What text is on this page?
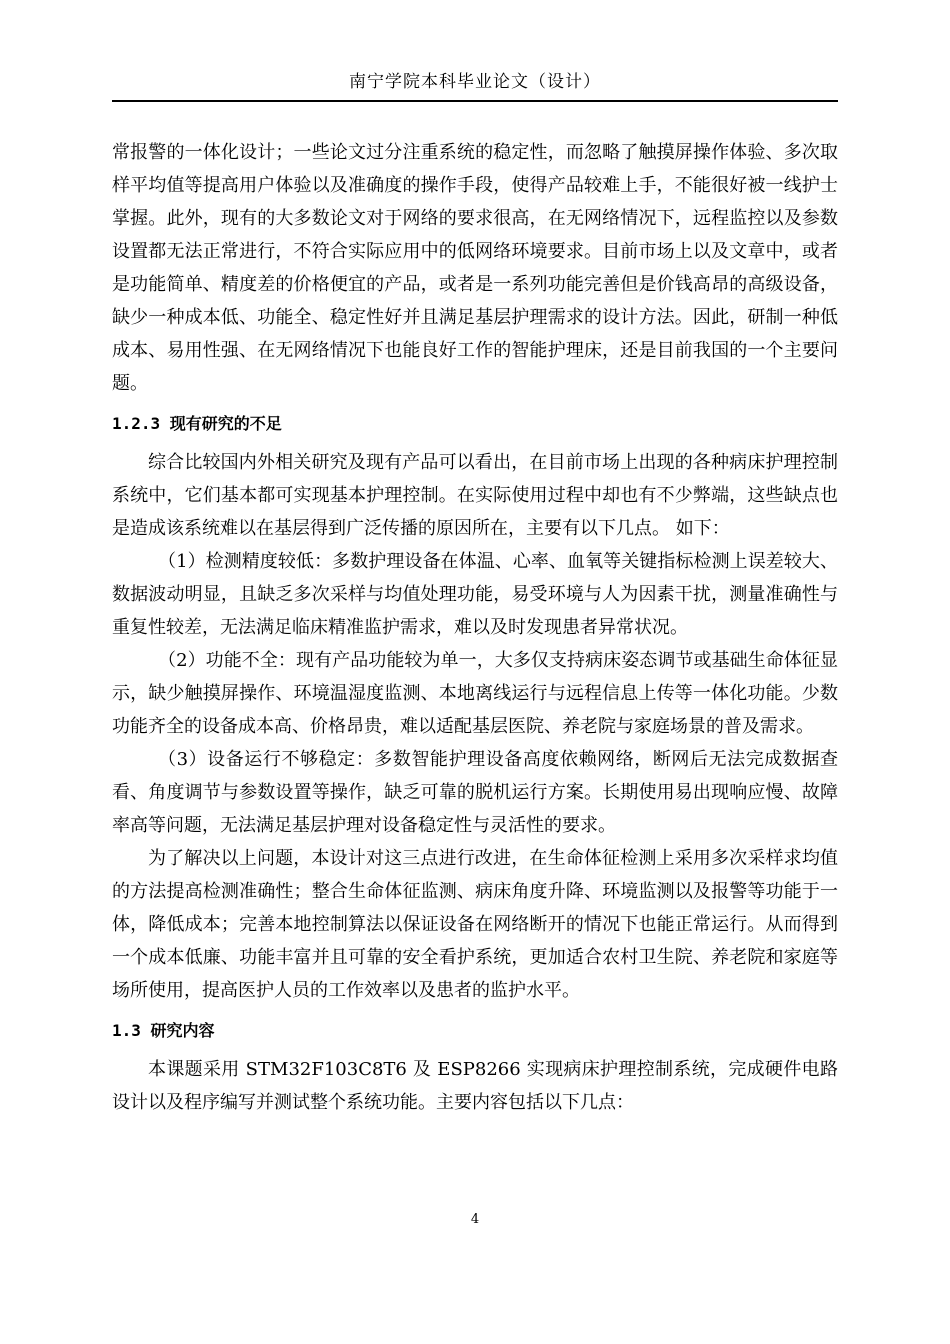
南宁学院本科毕业论文（设计）

常报警的一体化设计；一些论文过分注重系统的稳定性，而忽略了触摸屏操作体验、多次取样平均值等提高用户体验以及准确度的操作手段，使得产品较难上手，不能很好被一线护士掌握。此外，现有的大多数论文对于网络的要求很高，在无网络情况下，远程监控以及参数设置都无法正常进行，不符合实际应用中的低网络环境要求。目前市场上以及文章中，或者是功能简单、精度差的价格便宜的产品，或者是一系列功能完善但是价钱高昂的高级设备，缺少一种成本低、功能全、稳定性好并且满足基层护理需求的设计方法。因此，研制一种低成本、易用性强、在无网络情况下也能良好工作的智能护理床，还是目前我国的一个主要问题。

1.2.3 现有研究的不足

综合比较国内外相关研究及现有产品可以看出，在目前市场上出现的各种病床护理控制系统中，它们基本都可实现基本护理控制。在实际使用过程中却也有不少弊端，这些缺点也是造成该系统难以在基层得到广泛传播的原因所在，主要有以下几点。 如下：

（1）检测精度较低：多数护理设备在体温、心率、血氧等关键指标检测上误差较大、数据波动明显，且缺乏多次采样与均值处理功能，易受环境与人为因素干扰，测量准确性与重复性较差，无法满足临床精准监护需求，难以及时发现患者异常状况。

（2）功能不全：现有产品功能较为单一，大多仅支持病床姿态调节或基础生命体征显示，缺少触摸屏操作、环境温湿度监测、本地离线运行与远程信息上传等一体化功能。少数功能齐全的设备成本高、价格昂贵，难以适配基层医院、养老院与家庭场景的普及需求。

（3）设备运行不够稳定：多数智能护理设备高度依赖网络，断网后无法完成数据查看、角度调节与参数设置等操作，缺乏可靠的脱机运行方案。长期使用易出现响应慢、故障率高等问题，无法满足基层护理对设备稳定性与灵活性的要求。

为了解决以上问题，本设计对这三点进行改进，在生命体征检测上采用多次采样求均值的方法提高检测准确性；整合生命体征监测、病床角度升降、环境监测以及报警等功能于一体，降低成本；完善本地控制算法以保证设备在网络断开的情况下也能正常运行。从而得到一个成本低廉、功能丰富并且可靠的安全看护系统，更加适合农村卫生院、养老院和家庭等场所使用，提高医护人员的工作效率以及患者的监护水平。

1.3 研究内容

本课题采用 STM32F103C8T6 及 ESP8266 实现病床护理控制系统，完成硬件电路设计以及程序编写并测试整个系统功能。主要内容包括以下几点：

4
